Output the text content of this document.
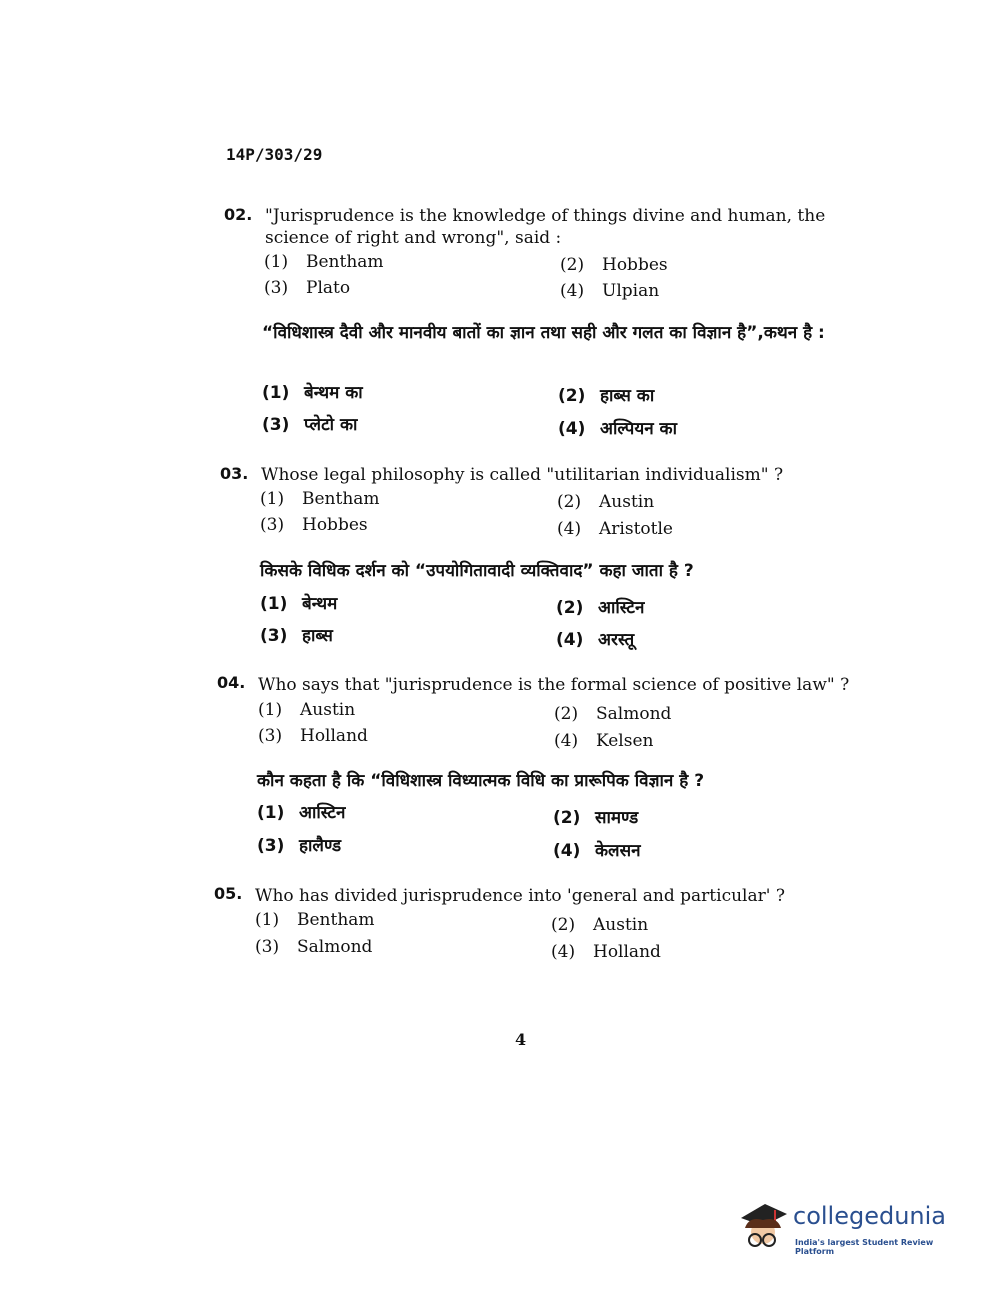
14P/303/29
02. "Jurisprudence is the knowledge of things divine and human, the science of right and wrong", said :
(1) Bentham	(2) Hobbes
(3) Plato	(4) Ulpian
“विधिशास्त्र दैवी और मानवीय बातों का ज्ञान तथा सही और गलत का विज्ञान है”,कथन है :
(1) बेन्थम का	(2) हाब्स का
(3) प्लेटो का	(4) अल्पियन का
03. Whose legal philosophy is called "utilitarian individualism" ?
(1) Bentham	(2) Austin
(3) Hobbes	(4) Aristotle
किसके विधिक दर्शन को “उपयोगितावादी व्यक्तिवाद” कहा जाता है ?
(1) बेन्थम	(2) आस्टिन
(3) हाब्स	(4) अरस्तू
04. Who says that "jurisprudence is the formal science of positive law" ?
(1) Austin	(2) Salmond
(3) Holland	(4) Kelsen
कौन कहता है कि “विधिशास्त्र विध्यात्मक विधि का प्रारूपिक विज्ञान है ?
(1) आस्टिन	(2) सामण्ड
(3) हालैण्ड	(4) केलसन
05. Who has divided jurisprudence into 'general and particular' ?
(1) Bentham	(2) Austin
(3) Salmond	(4) Holland
4
collegedunia
India's largest Student Review Platform
